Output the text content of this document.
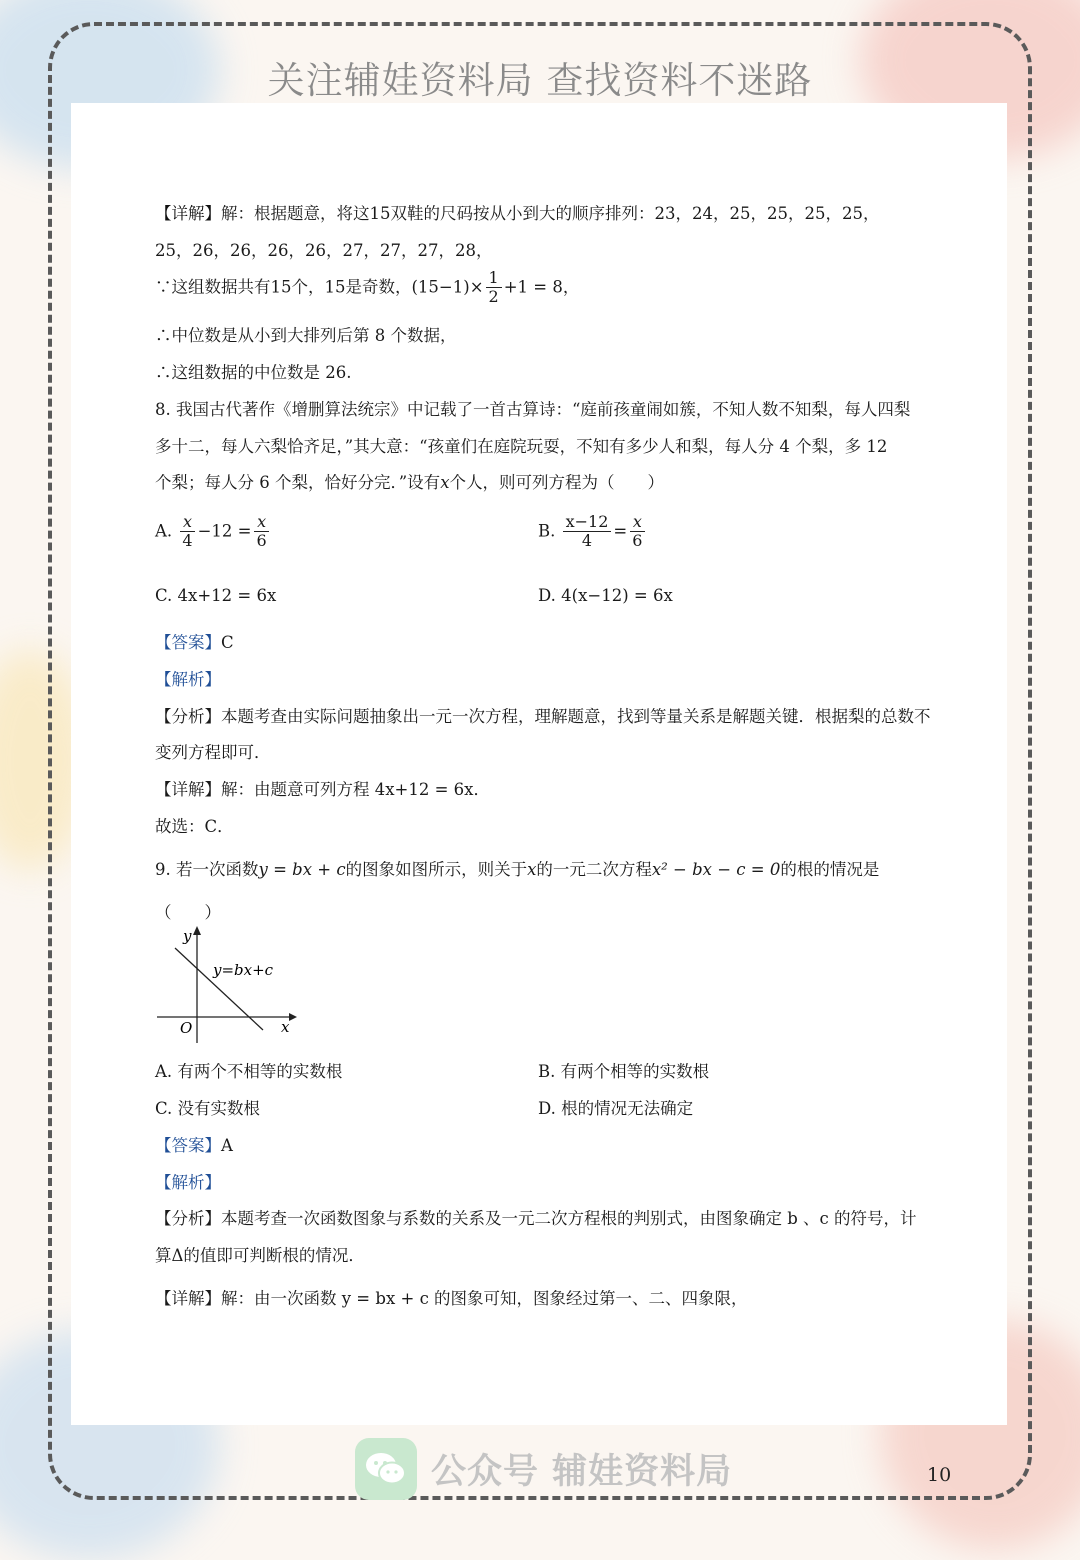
关注辅娃资料局 查找资料不迷路
【详解】解：根据题意，将这15双鞋的尺码按从小到大的顺序排列：23，24，25，25，25，25，
25，26，26，26，26，27，27，27，28，
∵这组数据共有15个，15是奇数，$(15-1)\times \frac{1}{2} +1 = 8$，
∴中位数是从小到大排列后第 8 个数据，
∴这组数据的中位数是 26.
8. 我国古代著作《增删算法统宗》中记载了一首古算诗：“庭前孩童闹如簇，不知人数不知梨，每人四梨
多十二，每人六梨恰齐足，”其大意：“孩童们在庭院玩耍，不知有多少人和梨，每人分 4 个梨，多 12
个梨；每人分 6 个梨，恰好分完．”设有x个人，则可列方程为（　　）
A. $\frac{x}{4} -12 = \frac{x}{6}$	B. $\frac{x-12}{4} = \frac{x}{6}$
C. 4x+12 = 6x	D. 4(x−12) = 6x
【答案】C
【解析】
【分析】本题考查由实际问题抽象出一元一次方程，理解题意，找到等量关系是解题关键．根据梨的总数不
变列方程即可．
【详解】解：由题意可列方程 4x+12 = 6x．
故选：C．
9. 若一次函数y = bx + c的图象如图所示，则关于x的一元二次方程x² − bx − c = 0的根的情况是
（　　）
y
x
O
y=bx+c
A. 有两个不相等的实数根	B. 有两个相等的实数根
C. 没有实数根	D. 根的情况无法确定
【答案】A
【解析】
【分析】本题考查一次函数图象与系数的关系及一元二次方程根的判别式，由图象确定 b 、c 的符号，计
算Δ的值即可判断根的情况．
【详解】解：由一次函数 y = bx + c 的图象可知，图象经过第一、二、四象限，
公众号 辅娃资料局	10
